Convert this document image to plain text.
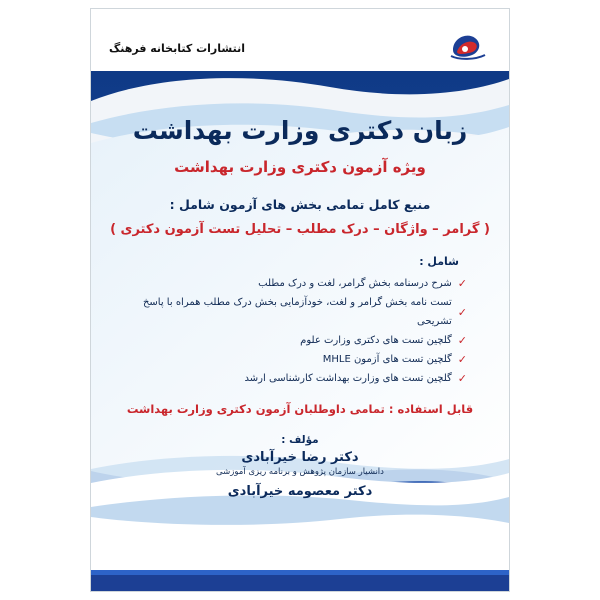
انتشارات کتابخانه فرهنگ
زبان دکتری وزارت بهداشت
ویژه آزمون دکتری وزارت بهداشت
منبع کامل تمامی بخش های آزمون شامل :
( گرامر – واژگان – درک مطلب – تحلیل تست آزمون دکتری )
شامل :
✓
شرح درسنامه بخش گرامر، لغت و درک مطلب
✓
تست نامه بخش گرامر و لغت، خودآزمایی بخش درک مطلب همراه با پاسخ تشریحی
✓
گلچین تست های دکتری وزارت علوم
✓
گلچین تست های آزمون MHLE
✓
گلچین تست های وزارت بهداشت کارشناسی ارشد
قابل استفاده : تمامی داوطلبان آزمون دکتری وزارت بهداشت
مؤلف :
دکتر رضا خیرآبادی
دانشیار سازمان پژوهش و برنامه ریزی آموزشی
دکتر معصومه خیرآبادی
